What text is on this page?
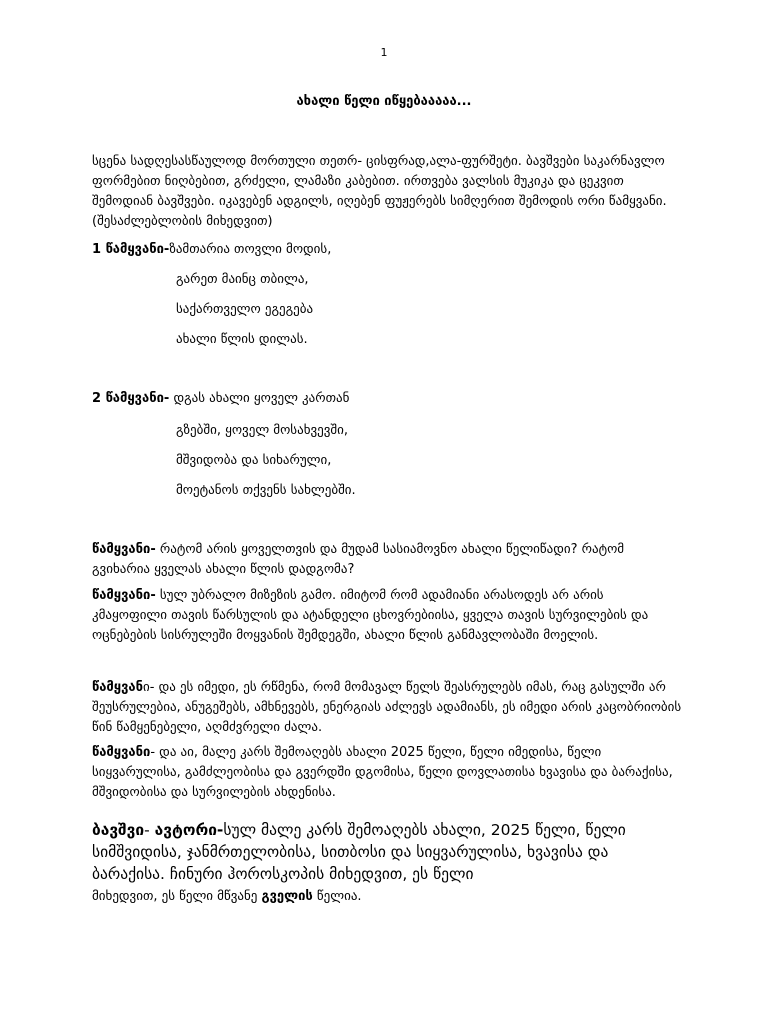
1
ახალი წელი იწყებააააა...

სცენა სადღესასწაულოდ მორთული თეთრ- ცისფრად,ალა-ფურშეტი. ბავშვები საკარნავლო ფორმებით ნიღბებით, გრძელი, ლამაზი კაბებით. ირთვება ვალსის მუკიკა და ცეკვით შემოდიან ბავშვები. იკავებენ ადგილს, იღებენ ფუჟერებს სიმღერით შემოდის ორი წამყვანი. (შესაძლებლობის მიხედვით)

1 წამყვანი-ზამთარია თოვლი მოდის,
გარეთ მაინც თბილა,
საქართველო ეგეგება
ახალი წლის დილას.
2 წამყვანი- დგას ახალი ყოველ კართან
გზებში, ყოველ მოსახვევში,
მშვიდობა და სიხარული,
მოეტანოს თქვენს სახლებში.

წამყვანი- რატომ არის ყოველთვის და მუდამ სასიამოვნო ახალი წელიწადი? რატომ გვიხარია ყველას ახალი წლის დადგომა?

წამყვანი- სულ უბრალო მიზეზის გამო. იმიტომ რომ ადამიანი არასოდეს არ არის კმაყოფილი თავის წარსულის და ატანდელი ცხოვრებიისა, ყველა თავის სურვილების და ოცნებების სისრულეში მოყვანის შემდეგში, ახალი წლის განმავლობაში მოელის.

წამყვანი- და ეს იმედი, ეს რწმენა, რომ მომავალ წელს შეასრულებს იმას, რაც გასულში არ შეუსრულებია, ანუგეშებს, ამხნევებს, ენერგიას აძლევს ადამიანს, ეს იმედი არის კაცობრიობის წინ წამყენებელი, აღმძვრელი ძალა.

წამყვანი- და აი, მალე კარს შემოაღებს ახალი 2025 წელი, წელი იმედისა, წელი სიყვარულისა, გამძლეობისა და გვერდში დგომისა, წელი დოვლათისა ხვავისა და ბარაქისა, მშვიდობისა და სურვილების ახდენისა.

ბავშვი- ავტორი-სულ მალე კარს შემოაღებს ახალი, 2025 წელი, წელი სიმშვიდისა, ჯანმრთელობისა, სითბოსი და სიყვარულისა, ხვავისა და ბარაქისა. ჩინური ჰოროსკოპის მიხედვით, ეს წელი

მიხედვით, ეს წელი მწვანე გველის წელია.
